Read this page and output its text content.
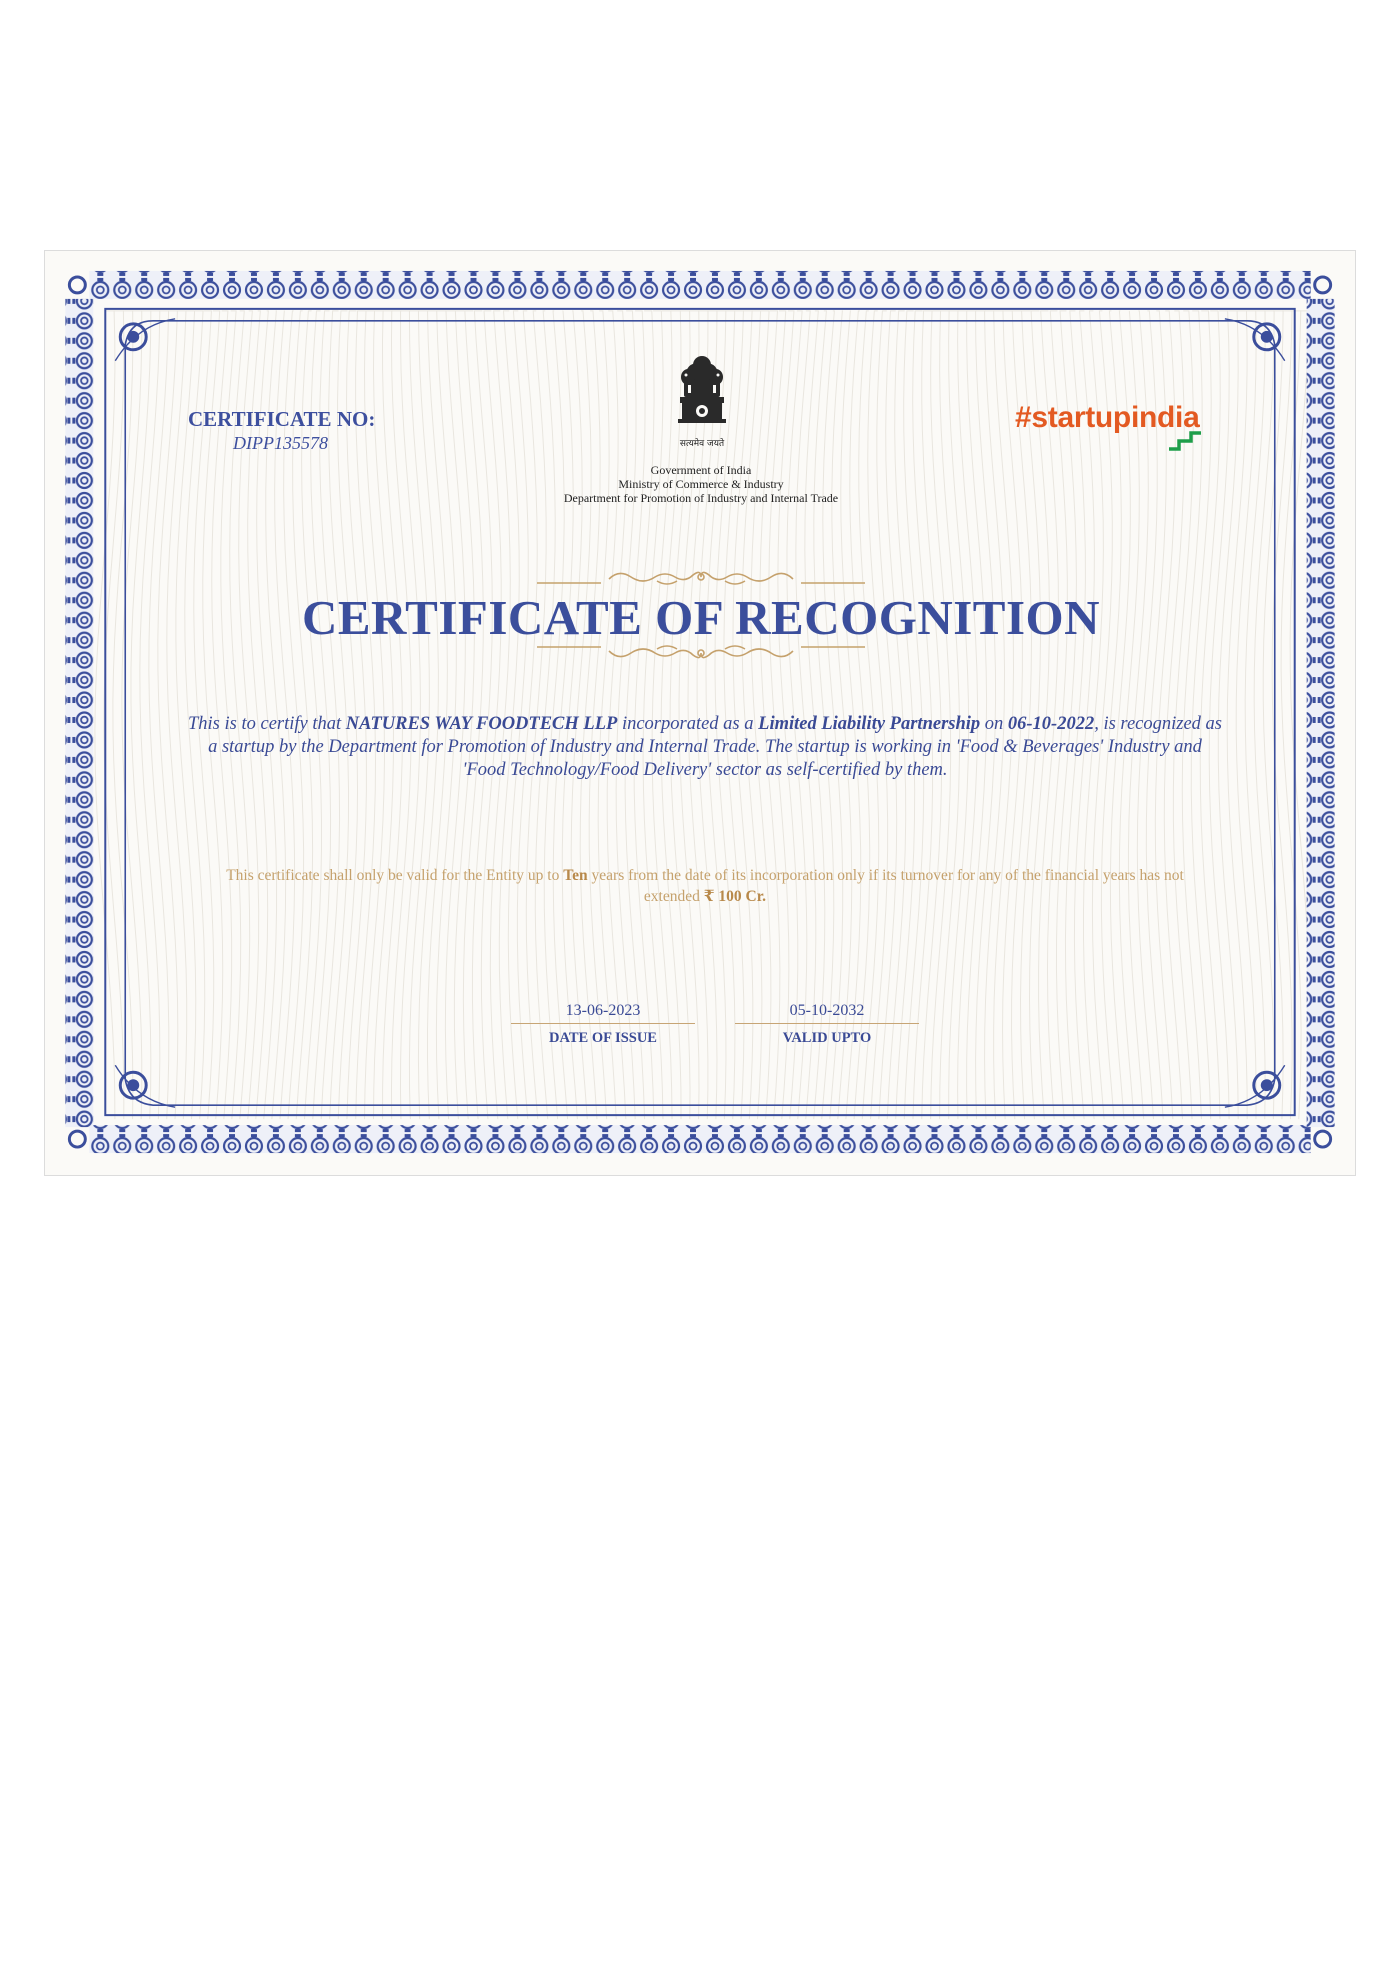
CERTIFICATE NO:
DIPP135578	सत्यमेव जयते
Government of India
Ministry of Commerce & Industry
Department for Promotion of Industry and Internal Trade
#startupindia
CERTIFICATE OF RECOGNITION
This is to certify that NATURES WAY FOODTECH LLP incorporated as a Limited Liability Partnership on 06-10-2022, is recognized as a startup by the Department for Promotion of Industry and Internal Trade. The startup is working in 'Food & Beverages' Industry and 'Food Technology/Food Delivery' sector as self-certified by them.
This certificate shall only be valid for the Entity up to Ten years from the date of its incorporation only if its turnover for any of the financial years has not extended ₹ 100 Cr.
13-06-2023
DATE OF ISSUE
05-10-2032
VALID UPTO
